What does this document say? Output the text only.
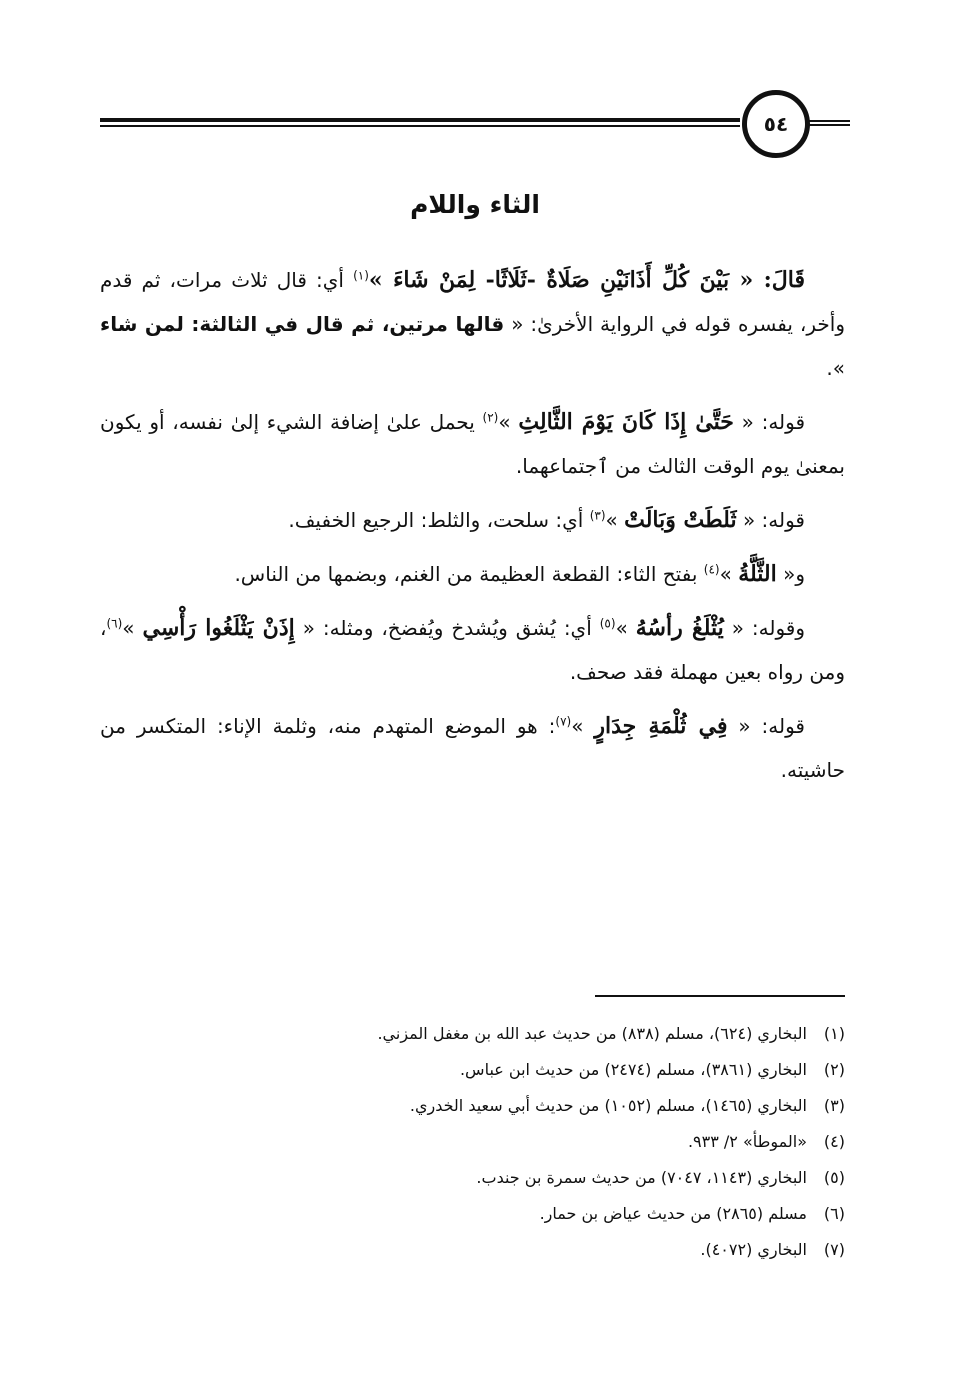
٥٤
الثاء واللام

قَالَ: « بَيْنَ كُلِّ أَذَانَيْنِ صَلَاةٌ -ثَلَاثًا- لِمَنْ شَاءَ »$^{(١)}$ أي: قال ثلاث مرات، ثم قدم وأخر، يفسره قوله في الرواية الأخرىٰ: « قالها مرتين، ثم قال في الثالثة: لمن شاء ».

قوله: « حَتَّىٰ إِذَا كَانَ يَوْمَ الثَّالِثِ »$^{(٢)}$ يحمل علىٰ إضافة الشيء إلىٰ نفسه، أو يكون بمعنىٰ يوم الوقت الثالث من ٱجتماعهما.

قوله: « ثَلَطَتْ وَبَالَتْ »$^{(٣)}$ أي: سلحت، والثلط: الرجيع الخفيف.

و« الثَّلَّةُ »$^{(٤)}$ بفتح الثاء: القطعة العظيمة من الغنم، وبضمها من الناس.

وقوله: « يُثْلَغُ رأسُهُ »$^{(٥)}$ أي: يُشق ويُشدخ ويُفضخ، ومثله: « إِذَنْ يَثْلَغُوا رَأْسِي »$^{(٦)}$، ومن رواه بعين مهملة فقد صحف.

قوله: « فِي ثُلْمَةِ جِدَارٍ »$^{(٧)}$: هو الموضع المتهدم منه، وثلمة الإناء: المتكسر من حاشيته.

(١)
البخاري (٦٢٤)، مسلم (٨٣٨) من حديث عبد الله بن مغفل المزني.
(٢)
البخاري (٣٨٦١)، مسلم (٢٤٧٤) من حديث ابن عباس.
(٣)
البخاري (١٤٦٥)، مسلم (١٠٥٢) من حديث أبي سعيد الخدري.
(٤)
«الموطأ» ٢/ ٩٣٣.
(٥)
البخاري (١١٤٣، ٧٠٤٧) من حديث سمرة بن جندب.
(٦)
مسلم (٢٨٦٥) من حديث عياض بن حمار.
(٧)
البخاري (٤٠٧٢).
